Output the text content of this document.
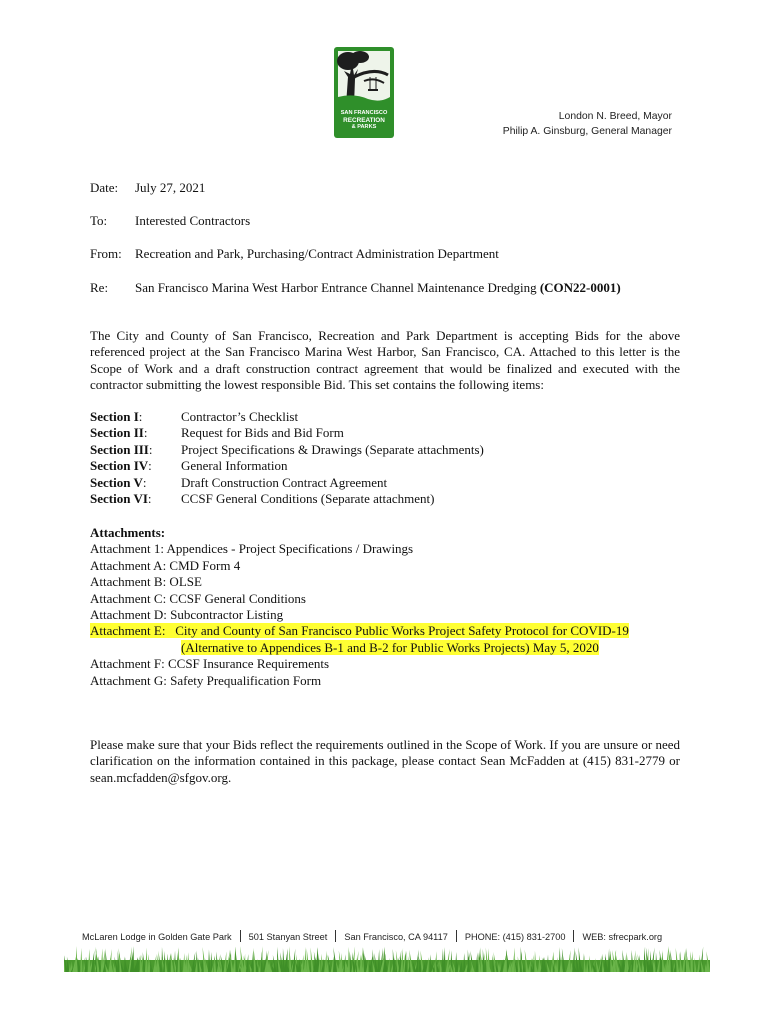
SAN FRANCISCO
RECREATION
& PARKS
London N. Breed, Mayor
Philip A. Ginsburg, General Manager
Date: July 27, 2021
To: Interested Contractors
From: Recreation and Park, Purchasing/Contract Administration Department
Re: San Francisco Marina West Harbor Entrance Channel Maintenance Dredging (CON22-0001)
The City and County of San Francisco, Recreation and Park Department is accepting Bids for the above referenced project at the San Francisco Marina West Harbor, San Francisco, CA. Attached to this letter is the Scope of Work and a draft construction contract agreement that would be finalized and executed with the contractor submitting the lowest responsible Bid. This set contains the following items:
Section I:	Contractor’s Checklist
Section II:	Request for Bids and Bid Form
Section III: Project Specifications & Drawings (Separate attachments)
Section IV: General Information
Section V:	Draft Construction Contract Agreement
Section VI: CCSF General Conditions (Separate attachment)
Attachments:
Attachment 1: Appendices - Project Specifications / Drawings
Attachment A: CMD Form 4
Attachment B: OLSE
Attachment C: CCSF General Conditions
Attachment D: Subcontractor Listing
Attachment E: City and County of San Francisco Public Works Project Safety Protocol for COVID-19
(Alternative to Appendices B-1 and B-2 for Public Works Projects) May 5, 2020
Attachment F: CCSF Insurance Requirements
Attachment G: Safety Prequalification Form
Please make sure that your Bids reflect the requirements outlined in the Scope of Work. If you are unsure or need clarification on the information contained in this package, please contact Sean McFadden at (415) 831-2779 or sean.mcfadden@sfgov.org.
McLaren Lodge in Golden Gate Park 501 Stanyan Street San Francisco, CA 94117 PHONE: (415) 831-2700 WEB: sfrecpark.org
